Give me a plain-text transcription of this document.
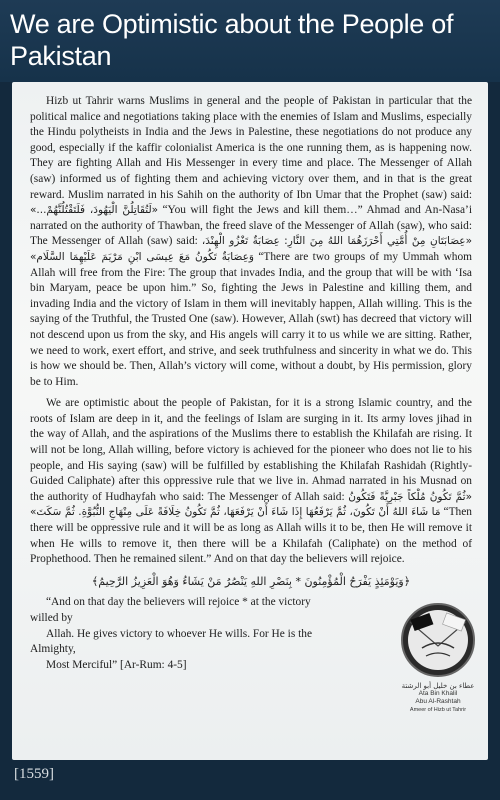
We are Optimistic about the People of Pakistan

Hizb ut Tahrir warns Muslims in general and the people of Pakistan in particular that the political malice and negotiations taking place with the enemies of Islam and Muslims, especially the Hindu polytheists in India and the Jews in Palestine, these negotiations do not produce any good, especially if the kaffir colonialist America is the one running them, as is happening now. They are fighting Allah and His Messenger in every time and place. The Messenger of Allah (saw) informed us of fighting them and achieving victory over them, and in that is the great reward. Muslim narrated in his Sahih on the authority of Ibn Umar that the Prophet (saw) said: «لَتُقَاتِلُنَّ الْيَهُودَ، فَلَتَقْتُلُنَّهُمْ...» “You will fight the Jews and kill them…” Ahmad and An-Nasa’i narrated on the authority of Thawban, the freed slave of the Messenger of Allah (saw), who said: The Messenger of Allah (saw) said: «عِصَابَتَانِ مِنْ أُمَّتِي أَحْرَزَهُمَا اللهُ مِنَ النَّارِ: عِصَابَةٌ تَغْزُو الْهِنْدَ، وَعِصَابَةٌ تَكُونُ مَعَ عِيسَى ابْنِ مَرْيَمَ عَلَيْهِمَا السَّلَام» “There are two groups of my Ummah whom Allah will free from the Fire: The group that invades India, and the group that will be with ‘Isa bin Maryam, peace be upon him.” So, fighting the Jews in Palestine and killing them, and invading India and the victory of Islam in them will inevitably happen, Allah willing. This is the saying of the Truthful, the Trusted One (saw). However, Allah (swt) has decreed that victory will not descend upon us from the sky, and His angels will carry it to us while we are sitting. Rather, we need to work, exert effort, and strive, and seek truthfulness and sincerity in what we do. This is how we should be. Then, Allah’s victory will come, without a doubt, by His permission, glory be to Him.

We are optimistic about the people of Pakistan, for it is a strong Islamic country, and the roots of Islam are deep in it, and the feelings of Islam are surging in it. Its army loves jihad in the way of Allah, and the aspirations of the Muslims there to establish the Khilafah are rising. It will not be long, Allah willing, before victory is achieved for the pioneer who does not lie to his people, and His saying (saw) will be fulfilled by establishing the Khilafah Rashidah (Rightly-Guided Caliphate) after this oppressive rule that we live in. Ahmad narrated in his Musnad on the authority of Hudhayfah who said: The Messenger of Allah said: «ثُمَّ تَكُونُ مُلْكاً جَبْرِيَّةً فَتَكُونُ مَا شَاءَ اللهُ أَنْ تَكُونَ، ثُمَّ يَرْفَعُهَا إِذَا شَاءَ أَنْ يَرْفَعَهَا، ثُمَّ تَكُونُ خِلَافَةً عَلَى مِنْهَاجِ النُّبُوَّةِ. ثُمَّ سَكَتَ» “Then there will be oppressive rule and it will be as long as Allah wills it to be, then He will remove it when He wills to remove it, then there will be a Khilafah (Caliphate) on the method of Prophethood. Then he remained silent.” And on that day the believers will rejoice.

﴿وَيَوْمَئِذٍ يَفْرَحُ الْمُؤْمِنُونَ * بِنَصْرِ اللهِ يَنْصُرُ مَنْ يَشَاءُ وَهُوَ الْعَزِيزُ الرَّحِيمُ﴾

“And on that day the believers will rejoice * at the victory willed by
Allah. He gives victory to whoever He wills. For He is the Almighty,
Most Merciful” [Ar-Rum: 4-5]

عطاء بن خليل أبو الرشتة
Ata Bin Khalil
Abu Al-Rashtah
Ameer of Hizb ut Tahrir
[1559]
